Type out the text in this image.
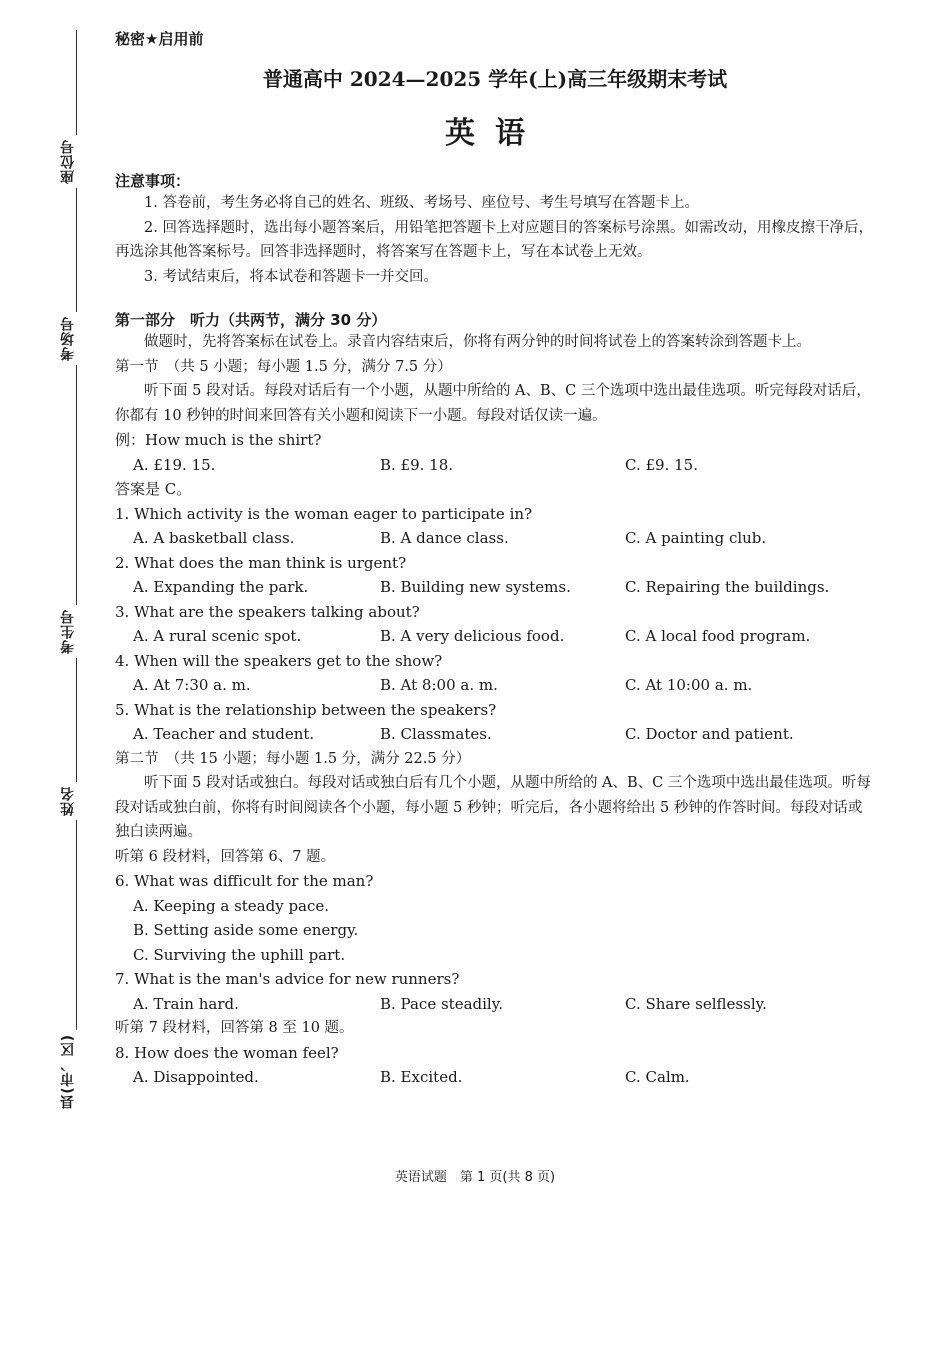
座位号
考场号
考生号
姓名
县(市、区)
秘密★启用前
普通高中 2024—2025 学年(上)高三年级期末考试
英语
注意事项：
1. 答卷前，考生务必将自己的姓名、班级、考场号、座位号、考生号填写在答题卡上。
2. 回答选择题时，选出每小题答案后，用铅笔把答题卡上对应题目的答案标号涂黑。如需改动，用橡皮擦干净后，再选涂其他答案标号。回答非选择题时，将答案写在答题卡上，写在本试卷上无效。
3. 考试结束后，将本试卷和答题卡一并交回。
第一部分　听力（共两节，满分 30 分）
做题时，先将答案标在试卷上。录音内容结束后，你将有两分钟的时间将试卷上的答案转涂到答题卡上。
第一节　（共 5 小题；每小题 1.5 分，满分 7.5 分）
听下面 5 段对话。每段对话后有一个小题，从题中所给的 A、B、C 三个选项中选出最佳选项。听完每段对话后，你都有 10 秒钟的时间来回答有关小题和阅读下一小题。每段对话仅读一遍。
例：How much is the shirt?
A. £19. 15.	B. £9. 18.	C. £9. 15.
答案是 C。
1. Which activity is the woman eager to participate in?
A. A basketball class.	B. A dance class.	C. A painting club.
2. What does the man think is urgent?
A. Expanding the park.	B. Building new systems.	C. Repairing the buildings.
3. What are the speakers talking about?
A. A rural scenic spot.	B. A very delicious food.	C. A local food program.
4. When will the speakers get to the show?
A. At 7:30 a. m.	B. At 8:00 a. m.	C. At 10:00 a. m.
5. What is the relationship between the speakers?
A. Teacher and student.	B. Classmates.	C. Doctor and patient.
第二节　（共 15 小题；每小题 1.5 分，满分 22.5 分）
听下面 5 段对话或独白。每段对话或独白后有几个小题，从题中所给的 A、B、C 三个选项中选出最佳选项。听每段对话或独白前，你将有时间阅读各个小题，每小题 5 秒钟；听完后，各小题将给出 5 秒钟的作答时间。每段对话或独白读两遍。
听第 6 段材料，回答第 6、7 题。
6. What was difficult for the man?
A. Keeping a steady pace.
B. Setting aside some energy.
C. Surviving the uphill part.
7. What is the man's advice for new runners?
A. Train hard.	B. Pace steadily.	C. Share selflessly.
听第 7 段材料，回答第 8 至 10 题。
8. How does the woman feel?
A. Disappointed.	B. Excited.	C. Calm.
英语试题　第 1 页(共 8 页)
